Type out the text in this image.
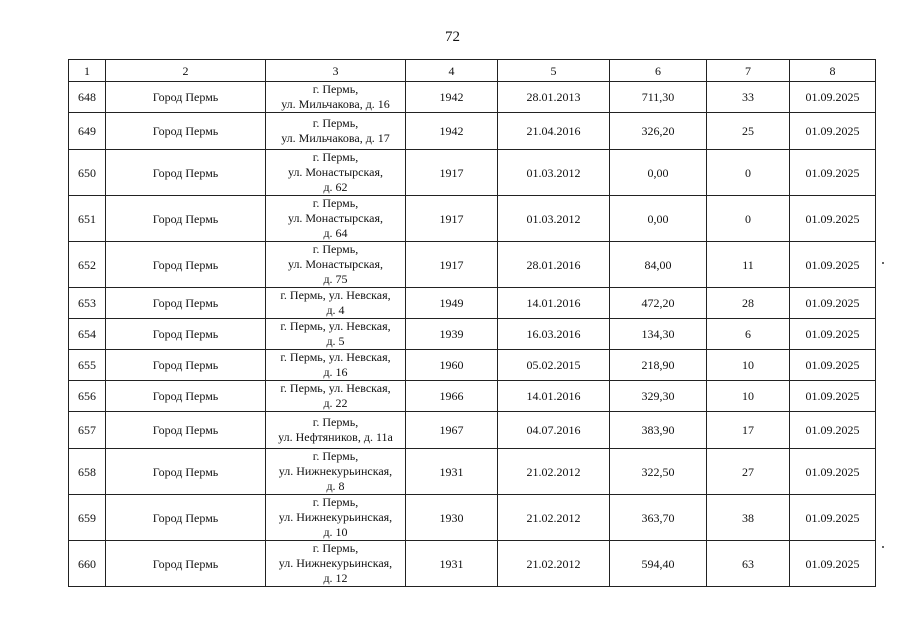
72
1	2	3	4	5	6	7	8
648	Город Пермь	г. Пермь,
ул. Мильчакова, д. 16	1942	28.01.2013	711,30	33	01.09.2025
649	Город Пермь	г. Пермь,
ул. Мильчакова, д. 17	1942	21.04.2016	326,20	25	01.09.2025
650	Город Пермь	г. Пермь,
ул. Монастырская,
д. 62	1917	01.03.2012	0,00	0	01.09.2025
651	Город Пермь	г. Пермь,
ул. Монастырская,
д. 64	1917	01.03.2012	0,00	0	01.09.2025
652	Город Пермь	г. Пермь,
ул. Монастырская,
д. 75	1917	28.01.2016	84,00	11	01.09.2025
653	Город Пермь	г. Пермь, ул. Невская,
д. 4	1949	14.01.2016	472,20	28	01.09.2025
654	Город Пермь	г. Пермь, ул. Невская,
д. 5	1939	16.03.2016	134,30	6	01.09.2025
655	Город Пермь	г. Пермь, ул. Невская,
д. 16	1960	05.02.2015	218,90	10	01.09.2025
656	Город Пермь	г. Пермь, ул. Невская,
д. 22	1966	14.01.2016	329,30	10	01.09.2025
657	Город Пермь	г. Пермь,
ул. Нефтяников, д. 11а	1967	04.07.2016	383,90	17	01.09.2025
658	Город Пермь	г. Пермь,
ул. Нижнекурьинская,
д. 8	1931	21.02.2012	322,50	27	01.09.2025
659	Город Пермь	г. Пермь,
ул. Нижнекурьинская,
д. 10	1930	21.02.2012	363,70	38	01.09.2025
660	Город Пермь	г. Пермь,
ул. Нижнекурьинская,
д. 12	1931	21.02.2012	594,40	63	01.09.2025
